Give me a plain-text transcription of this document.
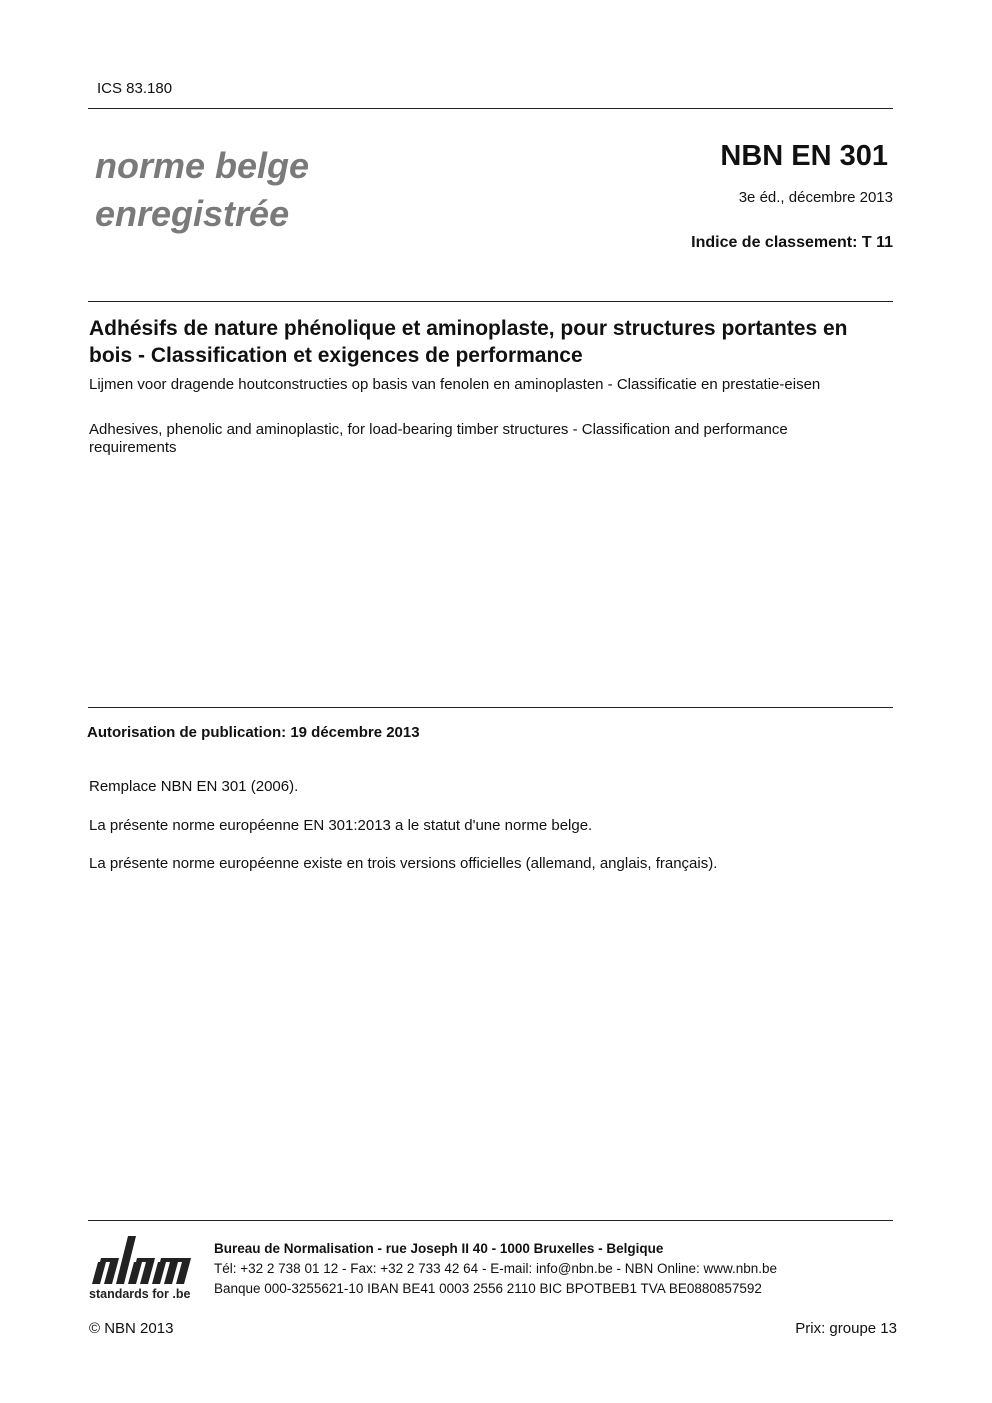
ICS 83.180
norme belge
enregistrée
NBN EN 301
3e éd., décembre 2013
Indice de classement: T 11
Adhésifs de nature phénolique et aminoplaste, pour structures portantes en bois - Classification et exigences de performance
Lijmen voor dragende houtconstructies op basis van fenolen en aminoplasten - Classificatie en prestatie-eisen
Adhesives, phenolic and aminoplastic, for load-bearing timber structures - Classification and performance requirements
Autorisation de publication: 19 décembre 2013
Remplace NBN EN 301 (2006).
La présente norme européenne EN 301:2013 a le statut d'une norme belge.
La présente norme européenne existe en trois versions officielles (allemand, anglais, français).
standards for .be
Bureau de Normalisation - rue Joseph II 40 - 1000 Bruxelles - Belgique
Tél: +32 2 738 01 12 - Fax: +32 2 733 42 64 - E-mail: info@nbn.be - NBN Online: www.nbn.be
Banque 000-3255621-10 IBAN BE41 0003 2556 2110 BIC BPOTBEB1 TVA BE0880857592
© NBN 2013	Prix: groupe 13
